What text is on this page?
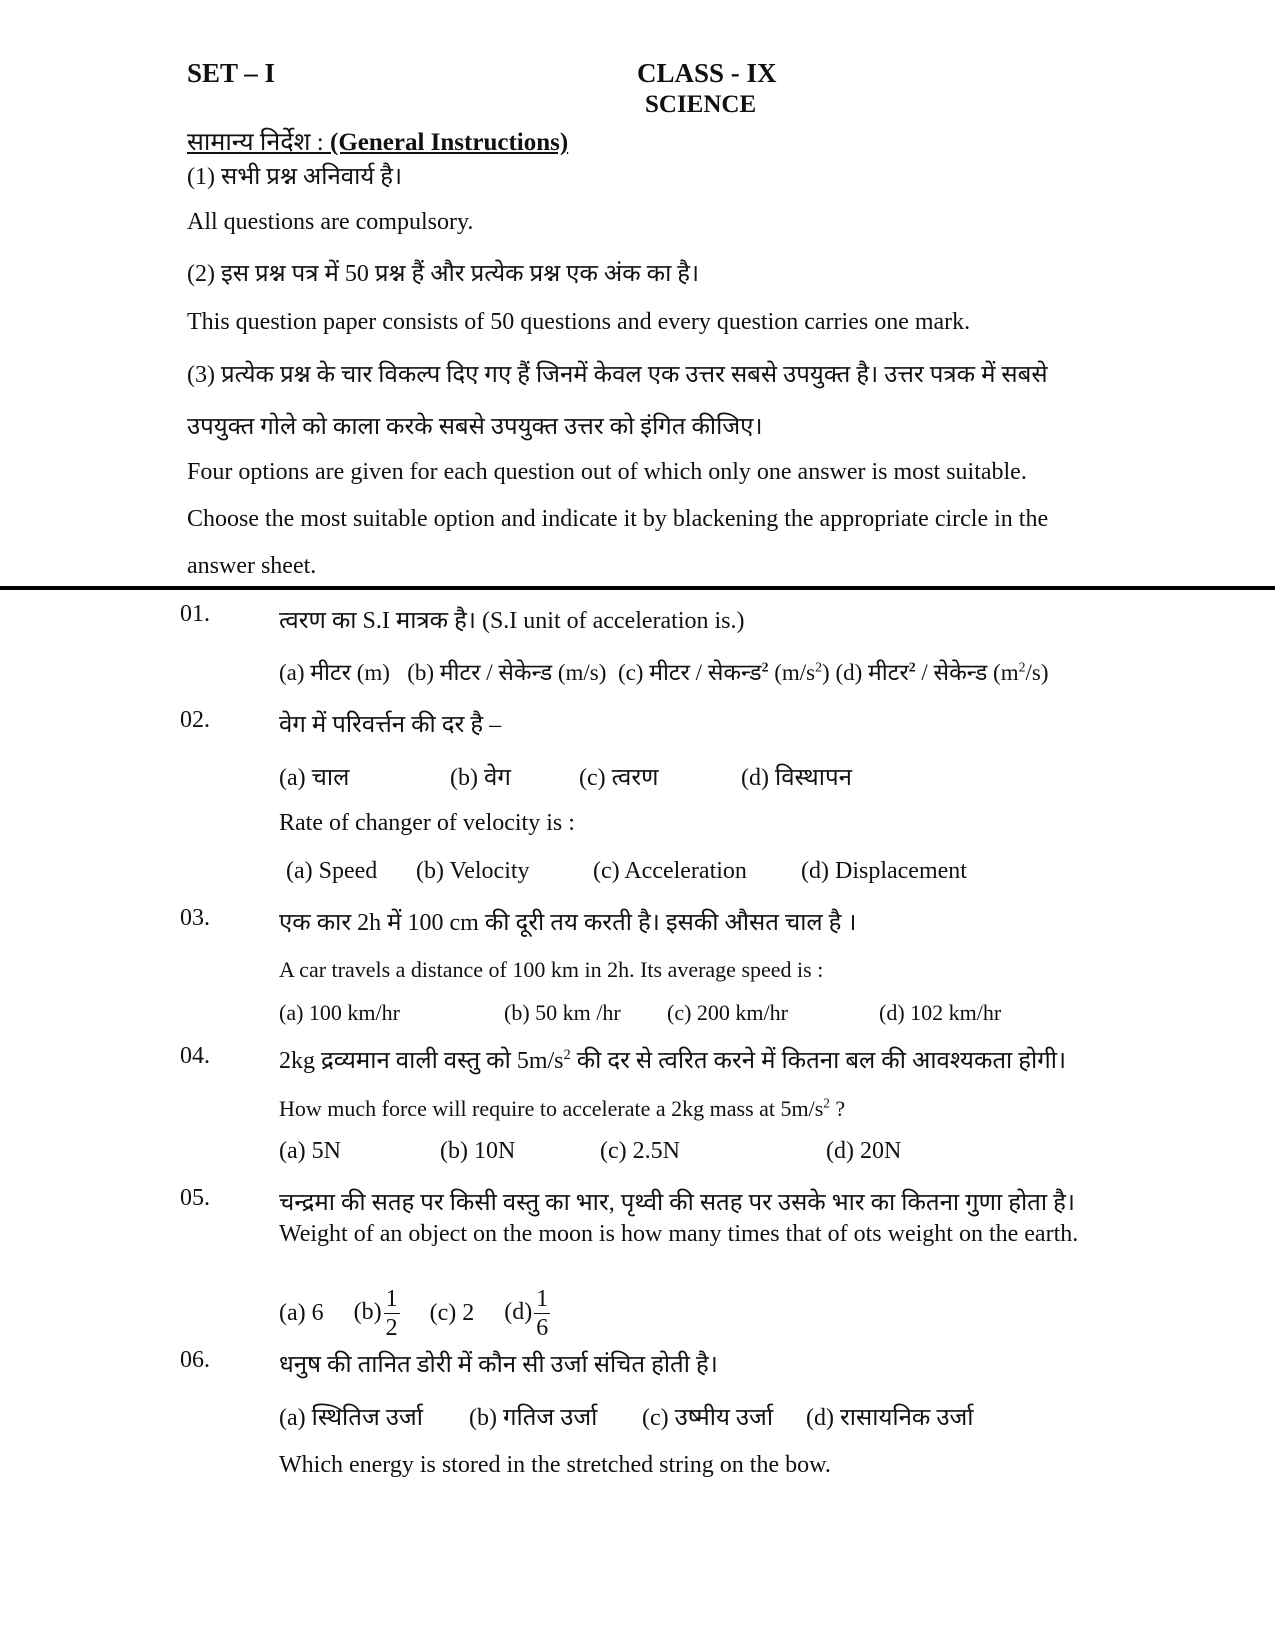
SET – I	CLASS - IX
SCIENCE
सामान्य निर्देश : (General Instructions)
(1) सभी प्रश्न अनिवार्य है।
All questions are compulsory.
(2) इस प्रश्न पत्र में 50 प्रश्न हैं और प्रत्येक प्रश्न एक अंक का है।
This question paper consists of 50 questions and every question carries one mark.
(3) प्रत्येक प्रश्न के चार विकल्प दिए गए हैं जिनमें केवल एक उत्तर सबसे उपयुक्त है। उत्तर पत्रक में सबसे
उपयुक्त गोले को काला करके सबसे उपयुक्त उत्तर को इंगित कीजिए।
Four options are given for each question out of which only one answer is most suitable.
Choose the most suitable option and indicate it by blackening the appropriate circle in the
answer sheet.
01.	त्वरण का S.I मात्रक है। (S.I unit of acceleration is.)
(a) मीटर (m) (b) मीटर / सेकेन्ड (m/s) (c) मीटर / सेकन्ड$^2$ $(m/s^2)$ (d) मीटर$^2$ / सेकेन्ड $(m^2/s)$
02.	वेग में परिवर्त्तन की दर है –
(a) चाल	(b) वेग	(c) त्वरण	(d) विस्थापन
Rate of changer of velocity is :
(a) Speed (b) Velocity	(c) Acceleration (d) Displacement
03.	एक कार 2h में 100 cm की दूरी तय करती है। इसकी औसत चाल है ।
A car travels a distance of 100 km in 2h. Its average speed is :
(a) 100 km/hr	(b) 50 km /hr (c) 200 km/hr	(d) 102 km/hr
04.	2kg द्रव्यमान वाली वस्तु को $5m/s^2$ की दर से त्वरित करने में कितना बल की आवश्यकता होगी।
How much force will require to accelerate a 2kg mass at $5m/s^2$ ?
(a) 5N	(b) 10N	(c) 2.5N	(d) 20N
05.	चन्द्रमा की सतह पर किसी वस्तु का भार, पृथ्वी की सतह पर उसके भार का कितना गुणा होता है।
Weight of an object on the moon is how many times that of ots weight on the earth.
(a) 6 $(b) \frac{1}{2} (c)$ 2 $(d) \frac{1}{6}$
06.	धनुष की तानित डोरी में कौन सी उर्जा संचित होती है।
(a) स्थितिज उर्जा (b) गतिज उर्जा (c) उष्मीय उर्जा (d) रासायनिक उर्जा
Which energy is stored in the stretched string on the bow.
